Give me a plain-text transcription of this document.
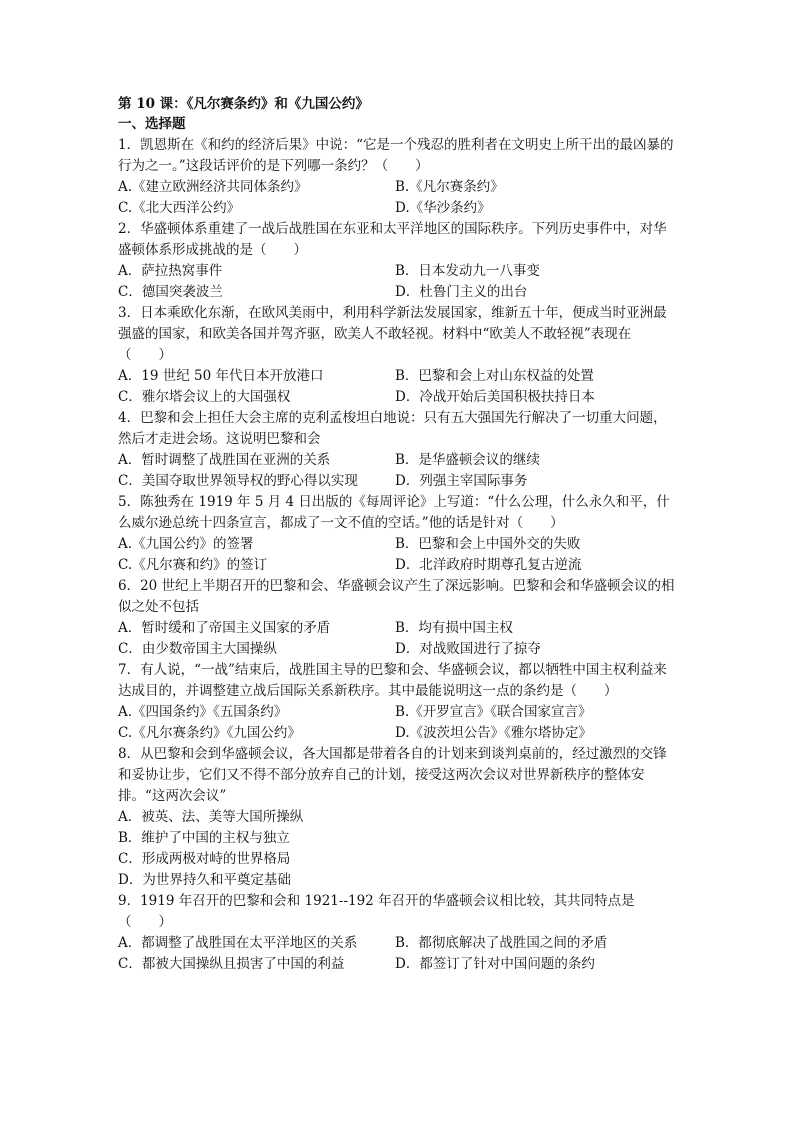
第 10 课：《凡尔赛条约》和《九国公约》
一、选择题

1．凯恩斯在《和约的经济后果》中说：“它是一个残忍的胜利者在文明史上所干出的最凶暴的行为之一。”这段话评价的是下列哪一条约？（　　）

A.《建立欧洲经济共同体条约》	B.《凡尔赛条约》
C.《北大西洋公约》	D.《华沙条约》

2．华盛顿体系重建了一战后战胜国在东亚和太平洋地区的国际秩序。下列历史事件中，对华盛顿体系形成挑战的是（　　）

A．萨拉热窝事件	B．日本发动九一八事变
C．德国突袭波兰	D．杜鲁门主义的出台

3．日本乘欧化东渐，在欧风美雨中，利用科学新法发展国家，维新五十年，便成当时亚洲最强盛的国家，和欧美各国并驾齐驱，欧美人不敢轻视。材料中“欧美人不敢轻视”表现在（　　）

A．19 世纪 50 年代日本开放港口	B．巴黎和会上对山东权益的处置
C．雅尔塔会议上的大国强权	D．冷战开始后美国积极扶持日本

4．巴黎和会上担任大会主席的克利孟梭坦白地说：只有五大强国先行解决了一切重大问题，然后才走进会场。这说明巴黎和会

A．暂时调整了战胜国在亚洲的关系	B．是华盛顿会议的继续
C．美国夺取世界领导权的野心得以实现	D．列强主宰国际事务

5．陈独秀在 1919 年 5 月 4 日出版的《每周评论》上写道：“什么公理，什么永久和平，什么威尔逊总统十四条宣言，都成了一文不值的空话。”他的话是针对（　　）

A.《九国公约》的签署	B．巴黎和会上中国外交的失败
C.《凡尔赛和约》的签订	D．北洋政府时期尊孔复古逆流

6．20 世纪上半期召开的巴黎和会、华盛顿会议产生了深远影响。巴黎和会和华盛顿会议的相似之处不包括

A．暂时缓和了帝国主义国家的矛盾	B．均有损中国主权
C．由少数帝国主大国操纵	D．对战败国进行了掠夺

7．有人说，“一战”结束后，战胜国主导的巴黎和会、华盛顿会议，都以牺牲中国主权利益来达成目的，并调整建立战后国际关系新秩序。其中最能说明这一点的条约是（　　）

A.《四国条约》《五国条约》	B.《开罗宣言》《联合国家宣言》
C.《凡尔赛条约》《九国公约》	D.《波茨坦公告》《雅尔塔协定》

8．从巴黎和会到华盛顿会议，各大国都是带着各自的计划来到谈判桌前的，经过激烈的交锋和妥协让步，它们又不得不部分放弃自己的计划，接受这两次会议对世界新秩序的整体安排。“这两次会议”

A．被英、法、美等大国所操纵
B．维护了中国的主权与独立
C．形成两极对峙的世界格局
D．为世界持久和平奠定基础

9．1919 年召开的巴黎和会和 1921--192 年召开的华盛顿会议相比较，其共同特点是（　　）

A．都调整了战胜国在太平洋地区的关系	B．都彻底解决了战胜国之间的矛盾
C．都被大国操纵且损害了中国的利益	D．都签订了针对中国问题的条约
